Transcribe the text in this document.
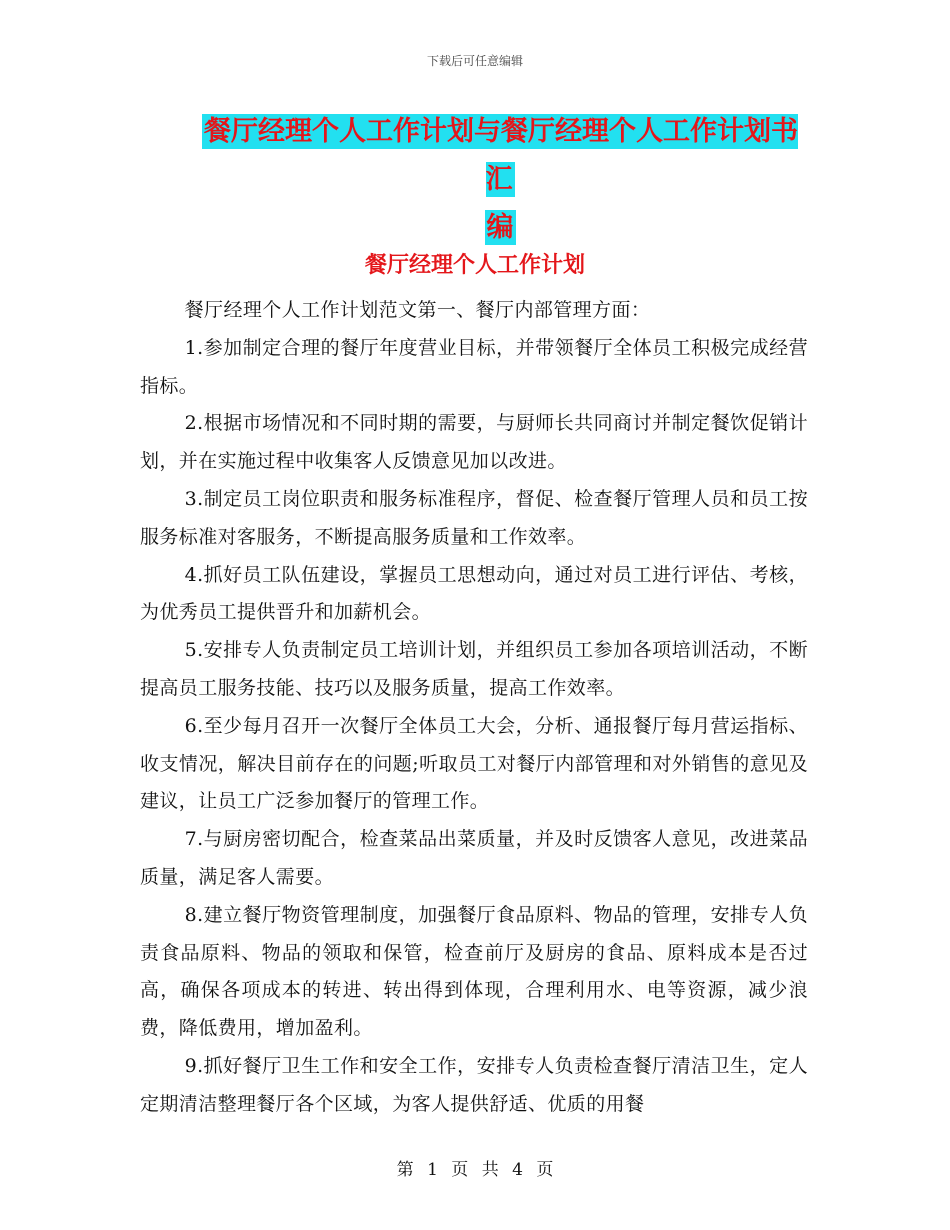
下载后可任意编辑
餐厅经理个人工作计划与餐厅经理个人工作计划书汇
编
餐厅经理个人工作计划

餐厅经理个人工作计划范文第一、餐厅内部管理方面：

1.参加制定合理的餐厅年度营业目标，并带领餐厅全体员工积极完成经营指标。

2.根据市场情况和不同时期的需要，与厨师长共同商讨并制定餐饮促销计划，并在实施过程中收集客人反馈意见加以改进。

3.制定员工岗位职责和服务标准程序，督促、检查餐厅管理人员和员工按服务标准对客服务，不断提高服务质量和工作效率。

4.抓好员工队伍建设，掌握员工思想动向，通过对员工进行评估、考核，为优秀员工提供晋升和加薪机会。

5.安排专人负责制定员工培训计划，并组织员工参加各项培训活动，不断提高员工服务技能、技巧以及服务质量，提高工作效率。

6.至少每月召开一次餐厅全体员工大会，分析、通报餐厅每月营运指标、收支情况，解决目前存在的问题;听取员工对餐厅内部管理和对外销售的意见及建议，让员工广泛参加餐厅的管理工作。

7.与厨房密切配合，检查菜品出菜质量，并及时反馈客人意见，改进菜品质量，满足客人需要。

8.建立餐厅物资管理制度，加强餐厅食品原料、物品的管理，安排专人负责食品原料、物品的领取和保管，检查前厅及厨房的食品、原料成本是否过高，确保各项成本的转进、转出得到体现，合理利用水、电等资源，减少浪费，降低费用，增加盈利。

9.抓好餐厅卫生工作和安全工作，安排专人负责检查餐厅清洁卫生，定人定期清洁整理餐厅各个区域，为客人提供舒适、优质的用餐

第 1 页 共 4 页
